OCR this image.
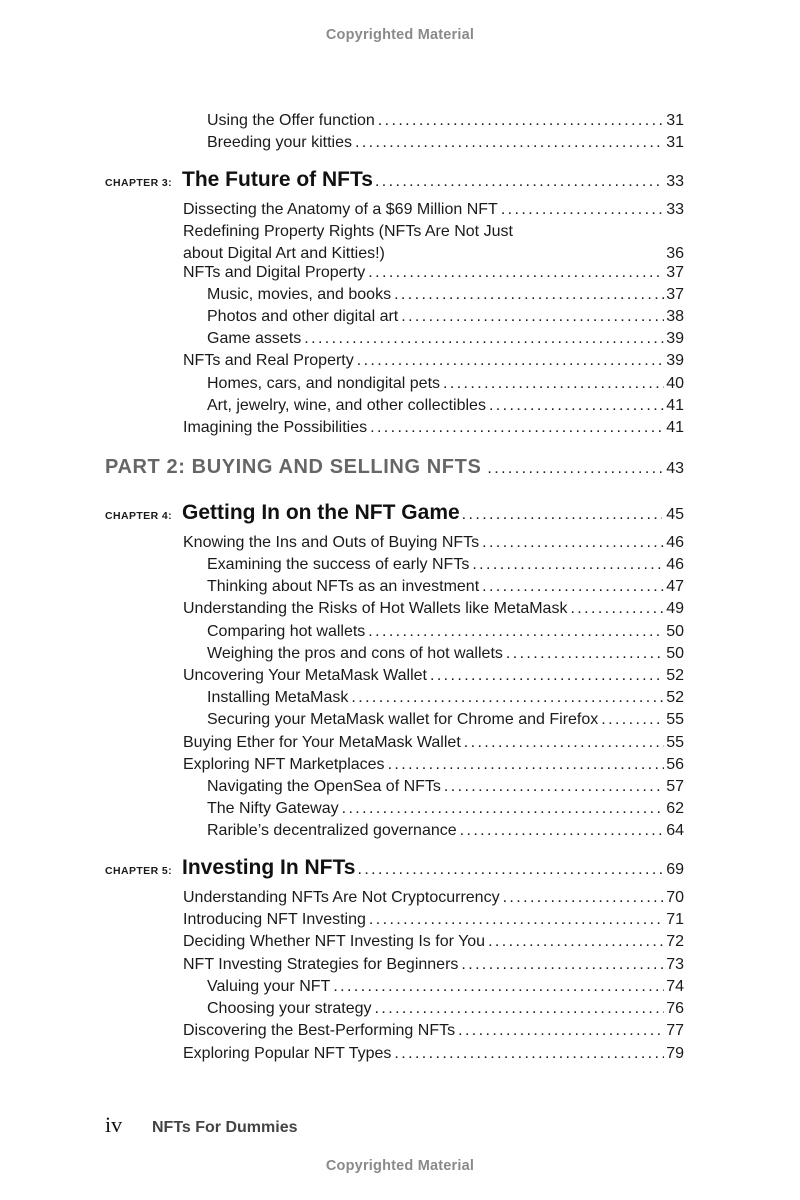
Copyrighted Material
Using the Offer function .....	31
Breeding your kitties .....	31
CHAPTER 3: The Future of NFTs .....	33
Dissecting the Anatomy of a $69 Million NFT .....	33
Redefining Property Rights (NFTs Are Not Just
about Digital Art and Kitties!)	36
NFTs and Digital Property .....	37
Music, movies, and books .....	37
Photos and other digital art .....	38
Game assets .....	39
NFTs and Real Property .....	39
Homes, cars, and nondigital pets .....	40
Art, jewelry, wine, and other collectibles .....	41
Imagining the Possibilities .....	41
PART 2: BUYING AND SELLING NFTS .....	43
CHAPTER 4: Getting In on the NFT Game .....	45
Knowing the Ins and Outs of Buying NFTs .....	46
Examining the success of early NFTs .....	46
Thinking about NFTs as an investment .....	47
Understanding the Risks of Hot Wallets like MetaMask .....	49
Comparing hot wallets .....	50
Weighing the pros and cons of hot wallets .....	50
Uncovering Your MetaMask Wallet .....	52
Installing MetaMask .....	52
Securing your MetaMask wallet for Chrome and Firefox .....	55
Buying Ether for Your MetaMask Wallet .....	55
Exploring NFT Marketplaces .....	56
Navigating the OpenSea of NFTs .....	57
The Nifty Gateway .....	62
Rarible’s decentralized governance .....	64
CHAPTER 5: Investing In NFTs .....	69
Understanding NFTs Are Not Cryptocurrency .....	70
Introducing NFT Investing .....	71
Deciding Whether NFT Investing Is for You .....	72
NFT Investing Strategies for Beginners .....	73
Valuing your NFT .....	74
Choosing your strategy .....	76
Discovering the Best-Performing NFTs .....	77
Exploring Popular NFT Types .....	79
iv	NFTs For Dummies
Copyrighted Material
